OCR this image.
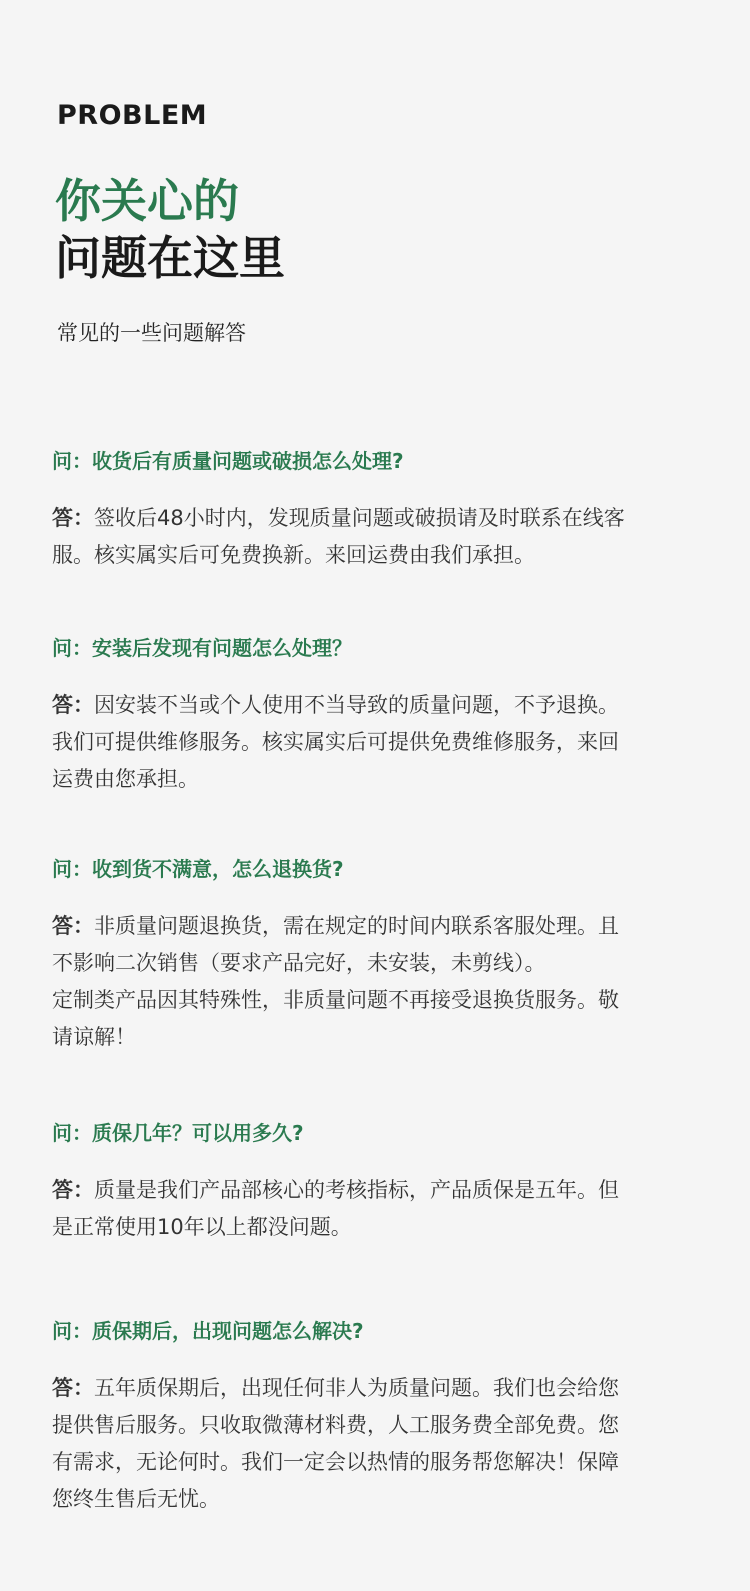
PROBLEM
你关心的
问题在这里
常见的一些问题解答

问：收货后有质量问题或破损怎么处理?

答：签收后48小时内，发现质量问题或破损请及时联系在线客
服。核实属实后可免费换新。来回运费由我们承担。

问：安装后发现有问题怎么处理？

答：因安装不当或个人使用不当导致的质量问题，不予退换。
我们可提供维修服务。核实属实后可提供免费维修服务，来回
运费由您承担。

问：收到货不满意，怎么退换货?

答：非质量问题退换货，需在规定的时间内联系客服处理。且
不影响二次销售（要求产品完好，未安装，未剪线）。
定制类产品因其特殊性，非质量问题不再接受退换货服务。敬
请谅解！

问：质保几年？可以用多久?

答：质量是我们产品部核心的考核指标，产品质保是五年。但
是正常使用10年以上都没问题。

问：质保期后，出现问题怎么解决?

答：五年质保期后，出现任何非人为质量问题。我们也会给您
提供售后服务。只收取微薄材料费，人工服务费全部免费。您
有需求，无论何时。我们一定会以热情的服务帮您解决！保障
您终生售后无忧。
